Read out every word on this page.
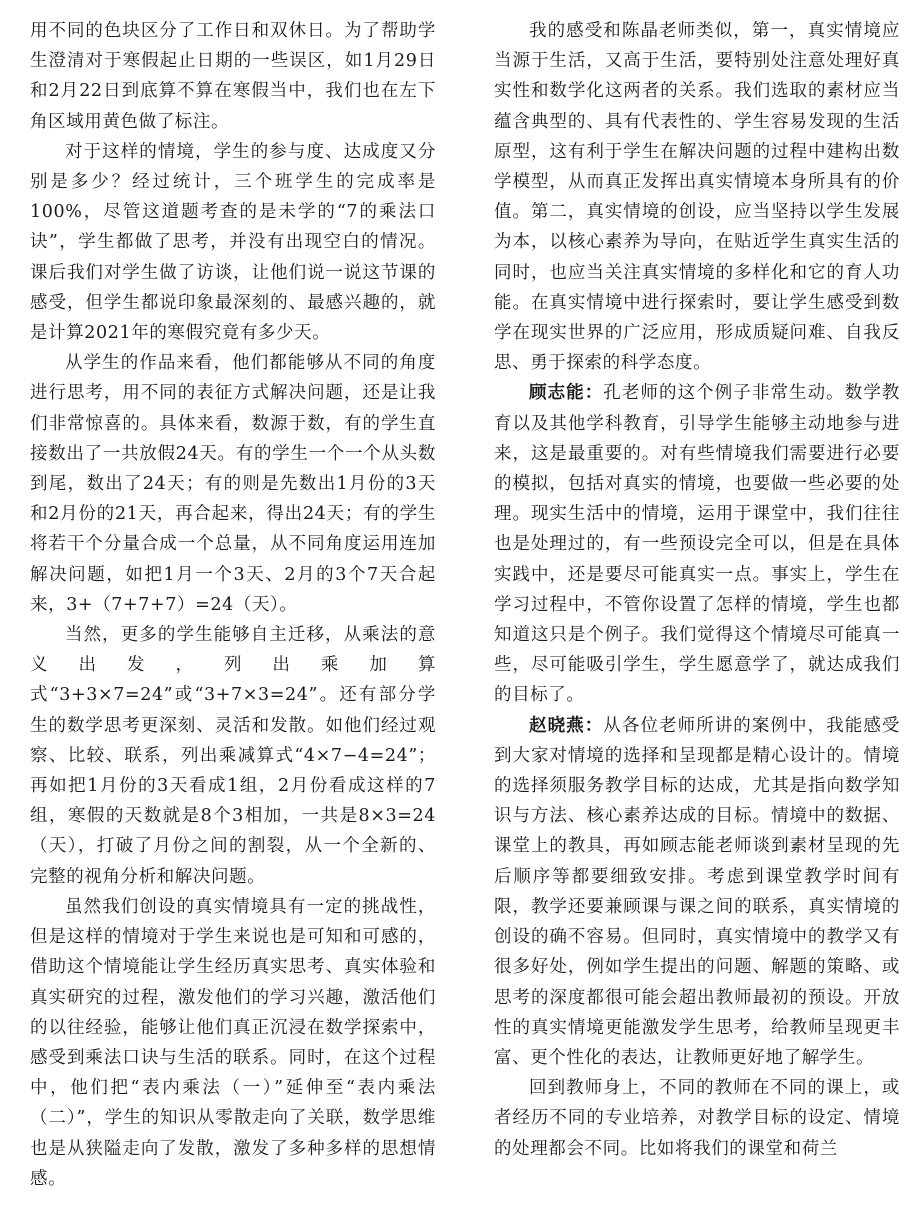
用不同的色块区分了工作日和双休日。为了帮助学生澄清对于寒假起止日期的一些误区，如1月29日和2月22日到底算不算在寒假当中，我们也在左下角区域用黄色做了标注。

对于这样的情境，学生的参与度、达成度又分别是多少？经过统计，三个班学生的完成率是100%，尽管这道题考查的是未学的“7的乘法口诀”，学生都做了思考，并没有出现空白的情况。课后我们对学生做了访谈，让他们说一说这节课的感受，但学生都说印象最深刻的、最感兴趣的，就是计算2021年的寒假究竟有多少天。

从学生的作品来看，他们都能够从不同的角度进行思考，用不同的表征方式解决问题，还是让我们非常惊喜的。具体来看，数源于数，有的学生直接数出了一共放假24天。有的学生一个一个从头数到尾，数出了24天；有的则是先数出1月份的3天和2月份的21天，再合起来，得出24天；有的学生将若干个分量合成一个总量，从不同角度运用连加解决问题，如把1月一个3天、2月的3个7天合起来，3+（7+7+7）=24（天）。

当然，更多的学生能够自主迁移，从乘法的意义出发，列出乘加算式“3+3×7=24”或“3+7×3=24”。还有部分学生的数学思考更深刻、灵活和发散。如他们经过观察、比较、联系，列出乘减算式“4×7−4=24”；再如把1月份的3天看成1组，2月份看成这样的7组，寒假的天数就是8个3相加，一共是8×3=24（天），打破了月份之间的割裂，从一个全新的、完整的视角分析和解决问题。

虽然我们创设的真实情境具有一定的挑战性，但是这样的情境对于学生来说也是可知和可感的，借助这个情境能让学生经历真实思考、真实体验和真实研究的过程，激发他们的学习兴趣，激活他们的以往经验，能够让他们真正沉浸在数学探索中，感受到乘法口诀与生活的联系。同时，在这个过程中，他们把“表内乘法（一）”延伸至“表内乘法（二）”，学生的知识从零散走向了关联，数学思维也是从狭隘走向了发散，激发了多种多样的思想情感。

我的感受和陈晶老师类似，第一，真实情境应当源于生活，又高于生活，要特别处注意处理好真实性和数学化这两者的关系。我们选取的素材应当蕴含典型的、具有代表性的、学生容易发现的生活原型，这有利于学生在解决问题的过程中建构出数学模型，从而真正发挥出真实情境本身所具有的价值。第二，真实情境的创设，应当坚持以学生发展为本，以核心素养为导向，在贴近学生真实生活的同时，也应当关注真实情境的多样化和它的育人功能。在真实情境中进行探索时，要让学生感受到数学在现实世界的广泛应用，形成质疑问难、自我反思、勇于探索的科学态度。

顾志能：孔老师的这个例子非常生动。数学教育以及其他学科教育，引导学生能够主动地参与进来，这是最重要的。对有些情境我们需要进行必要的模拟，包括对真实的情境，也要做一些必要的处理。现实生活中的情境，运用于课堂中，我们往往也是处理过的，有一些预设完全可以，但是在具体实践中，还是要尽可能真实一点。事实上，学生在学习过程中，不管你设置了怎样的情境，学生也都知道这只是个例子。我们觉得这个情境尽可能真一些，尽可能吸引学生，学生愿意学了，就达成我们的目标了。

赵晓燕：从各位老师所讲的案例中，我能感受到大家对情境的选择和呈现都是精心设计的。情境的选择须服务教学目标的达成，尤其是指向数学知识与方法、核心素养达成的目标。情境中的数据、课堂上的教具，再如顾志能老师谈到素材呈现的先后顺序等都要细致安排。考虑到课堂教学时间有限，教学还要兼顾课与课之间的联系，真实情境的创设的确不容易。但同时，真实情境中的教学又有很多好处，例如学生提出的问题、解题的策略、或思考的深度都很可能会超出教师最初的预设。开放性的真实情境更能激发学生思考，给教师呈现更丰富、更个性化的表达，让教师更好地了解学生。

回到教师身上，不同的教师在不同的课上，或者经历不同的专业培养，对教学目标的设定、情境的处理都会不同。比如将我们的课堂和荷兰
